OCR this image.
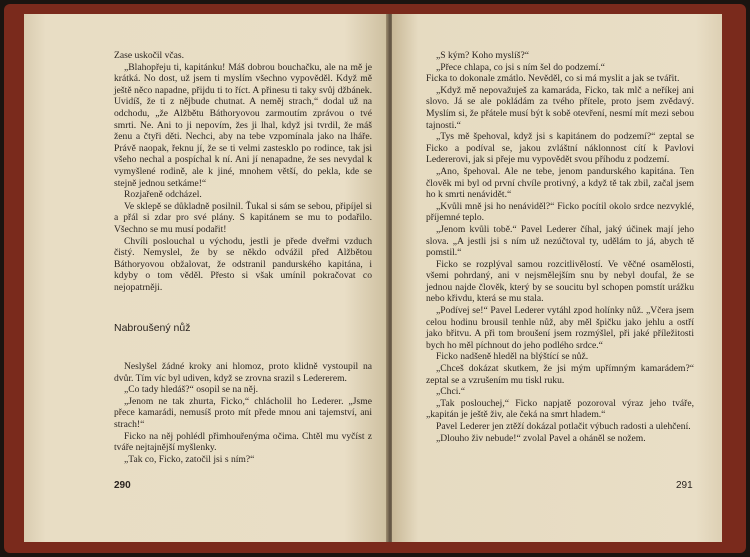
Zase uskočil včas.

„Blahopřeju ti, kapitánku! Máš dobrou bouchačku, ale na mě je krátká. No dost, už jsem ti myslím všechno vypověděl. Když mě ještě něco napadne, přijdu ti to říct. A přinesu ti taky svůj džbánek. Uvidíš, že ti z nějbude chutnat. A neměj strach,“ dodal už na odchodu, „že Alžbětu Báthoryovou zarmoutím zprávou o tvé smrti. Ne. Ani to ji nepovím, žes ji lhal, když jsi tvrdil, že máš ženu a čtyři děti. Nechci, aby na tebe vzpomínala jako na lháře. Právě naopak, řeknu jí, že se ti velmi zastesklo po rodince, tak jsi všeho nechal a pospíchal k ní. Ani jí nenapadne, že ses nevydal k vymyšlené rodině, ale k jiné, mnohem větší, do pekla, kde se stejně jednou setkáme!“

Rozjařeně odcházel.

Ve sklepě se důkladně posilnil. Ťukal si sám se sebou, připíjel si a přál si zdar pro své plány. S kapitánem se mu to podařilo. Všechno se mu musí podařit!

Chvíli poslouchal u východu, jestli je přede dveřmi vzduch čistý. Nemyslel, že by se někdo odvážil před Alžbětou Báthoryovou obžalovat, že odstranil pandurského kapitána, i kdyby o tom věděl. Přesto si však umínil pokračovat co nejopatrněji.

Nabroušený nůž

Neslyšel žádné kroky ani hlomoz, proto klidně vystoupil na dvůr. Tím víc byl udiven, když se zrovna srazil s Ledererem.

„Co tady hledáš?“ osopil se na něj.

„Jenom ne tak zhurta, Ficko,“ chlácholil ho Lederer. „Jsme přece kamarádi, nemusíš proto mít přede mnou ani tajemství, ani strach!“

Ficko na něj pohlédl přimhouřenýma očima. Chtěl mu vyčíst z tváře nejtajnější myšlenky.

„Tak co, Ficko, zatočil jsi s ním?“

290

„S kým? Koho myslíš?“

„Přece chlapa, co jsi s ním šel do podzemí.“

Ficka to dokonale zmátlo. Nevěděl, co si má myslit a jak se tvářit.

„Když mě nepovažuješ za kamaráda, Ficko, tak mlč a neříkej ani slovo. Já se ale pokládám za tvého přítele, proto jsem zvědavý. Myslím si, že přátele musí být k sobě otevření, nesmí mít mezi sebou tajnosti.“

„Tys mě špehoval, když jsi s kapitánem do podzemí?“ zeptal se Ficko a podíval se, jakou zvláštní náklonnost cítí k Pavlovi Ledererovi, jak si přeje mu vypovědět svou příhodu z podzemí.

„Ano, špehoval. Ale ne tebe, jenom pandurského kapitána. Ten člověk mi byl od první chvíle protivný, a když tě tak zbil, začal jsem ho k smrti nenávidět.“

„Kvůli mně jsi ho nenáviděl?“ Ficko pocítil okolo srdce nezvyklé, příjemné teplo.

„Jenom kvůli tobě.“ Pavel Lederer číhal, jaký účinek mají jeho slova. „A jestli jsi s ním už nezúčtoval ty, udělám to já, abych tě pomstil.“

Ficko se rozplýval samou rozcitlivělostí. Ve věčné osamělosti, všemi pohrdaný, ani v nejsmělejším snu by nebyl doufal, že se jednou najde člověk, který by se soucitu byl schopen pomstít urážku nebo křivdu, která se mu stala.

„Podívej se!“ Pavel Lederer vytáhl zpod holínky nůž. „Včera jsem celou hodinu brousil tenhle nůž, aby měl špičku jako jehlu a ostří jako břitvu. A při tom broušení jsem rozmýšlel, při jaké příležitosti bych ho měl píchnout do jeho podlého srdce.“

Ficko nadšeně hleděl na blýštící se nůž.

„Chceš dokázat skutkem, že jsi mým upřímným kamarádem?“ zeptal se a vzrušením mu tiskl ruku.

„Chci.“

„Tak poslouchej,“ Ficko napjatě pozoroval výraz jeho tváře, „kapitán je ještě živ, ale čeká na smrt hladem.“

Pavel Lederer jen ztěží dokázal potlačit výbuch radosti a ulehčení.

„Dlouho živ nebude!“ zvolal Pavel a oháněl se nožem.

291
